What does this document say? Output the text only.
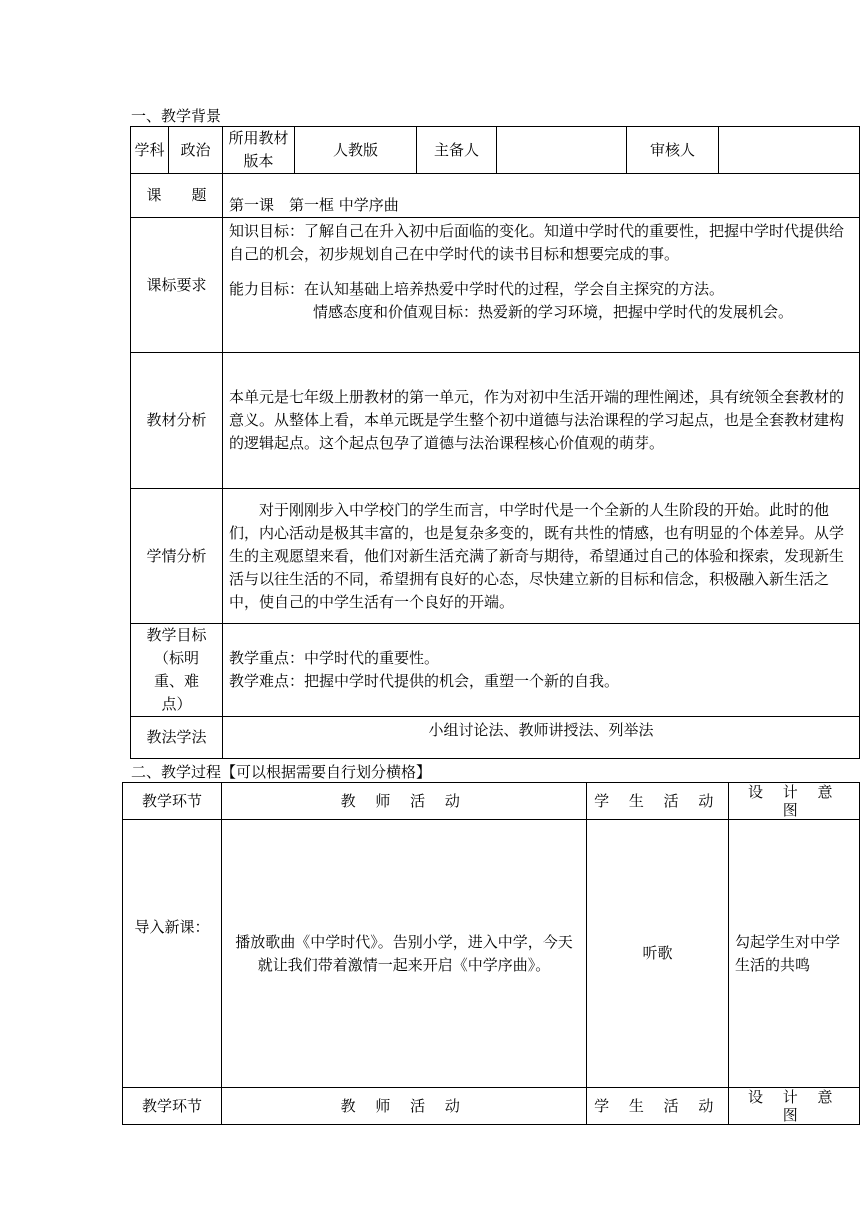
一、教学背景
学科	政治	所用教材版本	人教版	主备人		审核人	
课　　题		第一课　第一框 中学序曲					
课标要求		知识目标：了解自己在升入初中后面临的变化。知道中学时代的重要性，把握中学时代提供给自己的机会，初步规划自己在中学时代的读书目标和想要完成的事。
能力目标：在认知基础上培养热爱中学时代的过程，学会自主探究的方法。
情感态度和价值观目标：热爱新的学习环境，把握中学时代的发展机会。					

教材分析		本单元是七年级上册教材的第一单元，作为对初中生活开端的理性阐述，具有统领全套教材的意义。从整体上看，本单元既是学生整个初中道德与法治课程的学习起点，也是全套教材建构的逻辑起点。这个起点包孕了道德与法治课程核心价值观的萌芽。					
学情分析		对于刚刚步入中学校门的学生而言，中学时代是一个全新的人生阶段的开始。此时的他们，内心活动是极其丰富的，也是复杂多变的，既有共性的情感，也有明显的个体差异。从学生的主观愿望来看，他们对新生活充满了新奇与期待，希望通过自己的体验和探索，发现新生活与以往生活的不同，希望拥有良好的心态，尽快建立新的目标和信念，积极融入新生活之中，使自己的中学生活有一个良好的开端。					
教学目标（标明重、难点）		教学重点：中学时代的重要性。
教学难点：把握中学时代提供的机会，重塑一个新的自我。					

教法学法		小组讨论法、教师讲授法、列举法					
二、教学过程【可以根据需要自行划分横格】
教学环节	教 师 活 动	学 生 活 动	设 计 意 图
导入新课：	播放歌曲《中学时代》。告别小学，进入中学，今天就让我们带着激情一起来开启《中学序曲》。	听歌	勾起学生对中学生活的共鸣
教学环节	教 师 活 动	学 生 活 动	设 计 意 图
